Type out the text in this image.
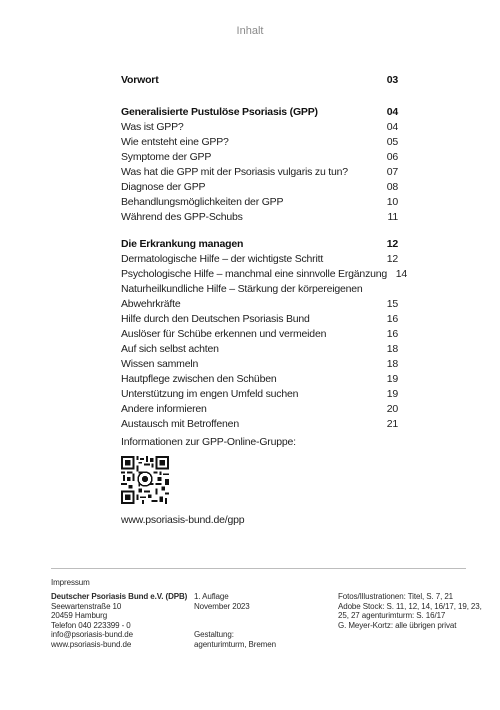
Inhalt
Vorwort	03
Generalisierte Pustulöse Psoriasis (GPP)	04
Was ist GPP?	04
Wie entsteht eine GPP?	05
Symptome der GPP	06
Was hat die GPP mit der Psoriasis vulgaris zu tun?	07
Diagnose der GPP	08
Behandlungsmöglichkeiten der GPP	10
Während des GPP-Schubs	11
Die Erkrankung managen	12
Dermatologische Hilfe – der wichtigste Schritt	12
Psychologische Hilfe – manchmal eine sinnvolle Ergänzung 14
Naturheilkundliche Hilfe – Stärkung der körpereigenen Abwehrkräfte	15
Hilfe durch den Deutschen Psoriasis Bund	16
Auslöser für Schübe erkennen und vermeiden	16
Auf sich selbst achten	18
Wissen sammeln	18
Hautpflege zwischen den Schüben	19
Unterstützung im engen Umfeld suchen	19
Andere informieren	20
Austausch mit Betroffenen	21
Informationen zur GPP-Online-Gruppe:
www.psoriasis-bund.de/gpp
Impressum
Deutscher Psoriasis Bund e.V. (DPB)
Seewartenstraße 10
20459 Hamburg
Telefon 040 223399 - 0
info@psoriasis-bund.de
www.psoriasis-bund.de
1. Auflage
November 2023
Gestaltung:
agenturimturm, Bremen
Fotos/Illustrationen: Titel, S. 7, 21
Adobe Stock: S. 11, 12, 14, 16/17, 19, 23,
25, 27 agenturimturm: S. 16/17
G. Meyer-Kortz: alle übrigen privat
